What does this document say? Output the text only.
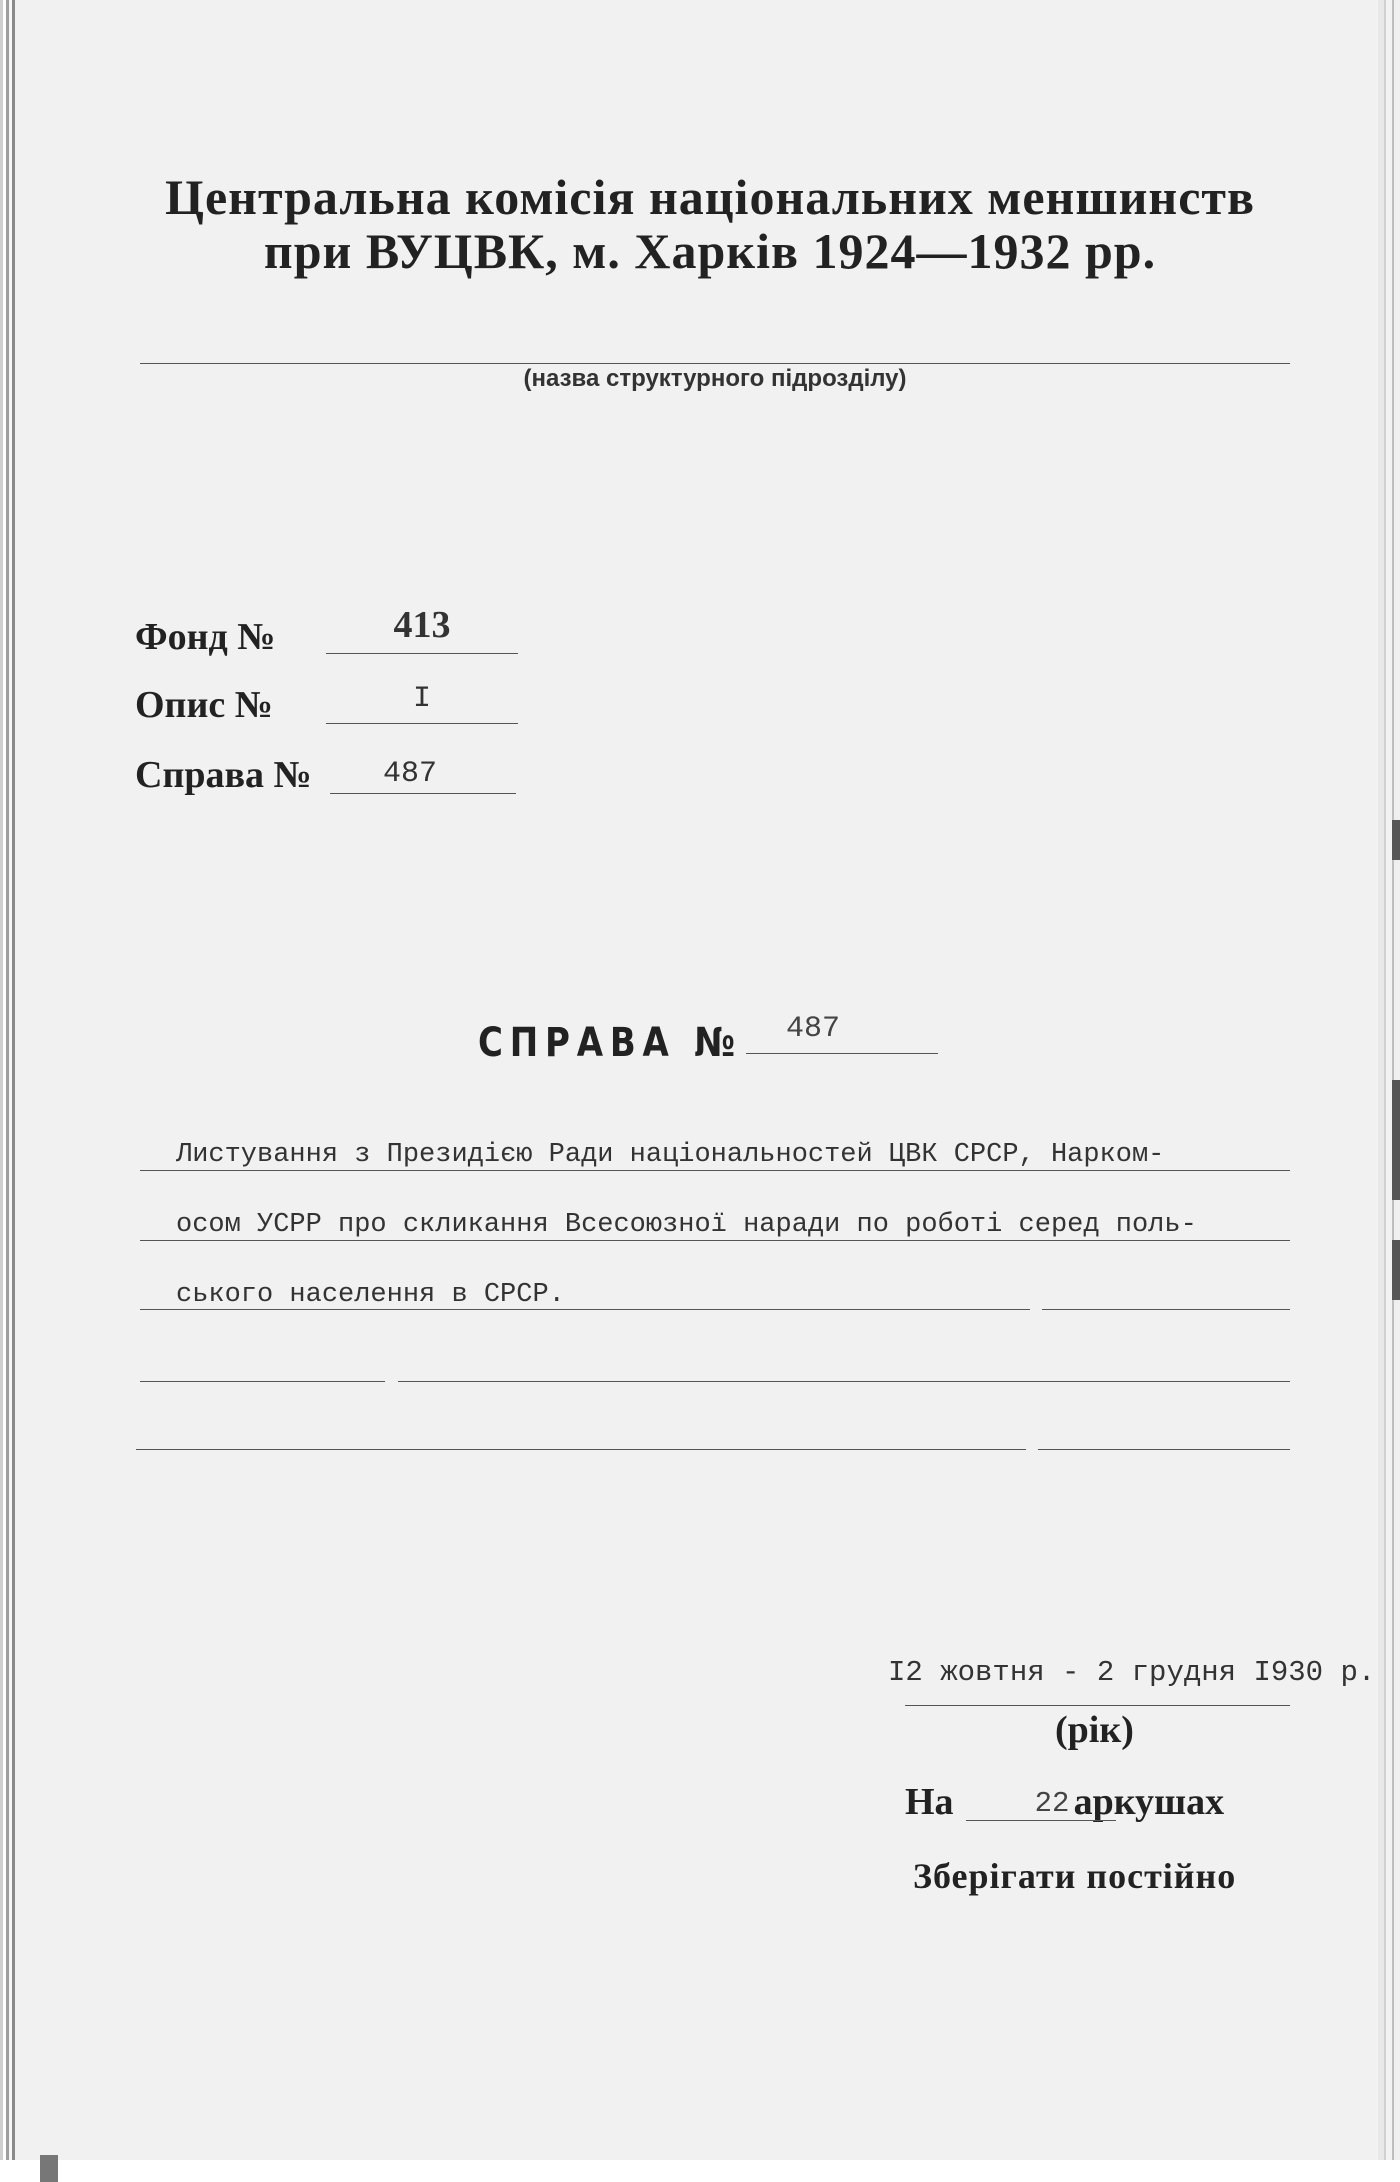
Центральна комісія національних меншинств
при ВУЦВК, м. Харків 1924—1932 рр.
(назва структурного підрозділу)
Фонд №	413
Опис №	I
Справа №	487
СПРАВА № 487
Листування з Президією Ради національностей ЦВК СРСР, Нарком-
осом УСРР про скликання Всесоюзної наради по роботі серед поль-
ського населення в СРСР.
I2 жовтня - 2 грудня I930 р.
(рік)
На	аркушах
22
Зберігати постійно
